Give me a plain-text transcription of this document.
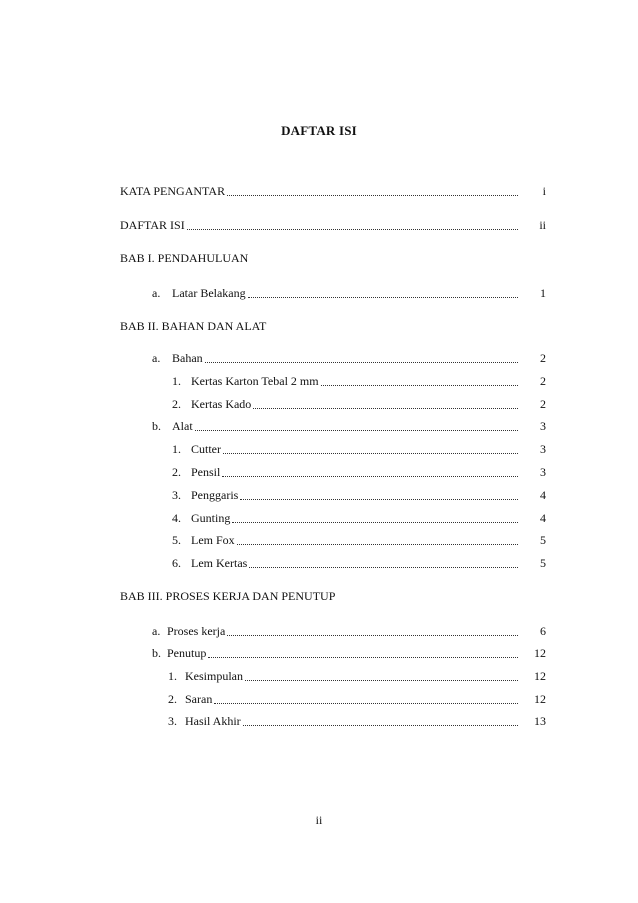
DAFTAR ISI
KATA PENGANTAR	i
DAFTAR ISI	ii
BAB I. PENDAHULUAN
a. Latar Belakang	1
BAB II. BAHAN DAN ALAT
a. Bahan	2
1. Kertas Karton Tebal 2 mm	2
2. Kertas Kado	2
b. Alat	3
1. Cutter	3
2. Pensil	3
3. Penggaris	4
4. Gunting	4
5. Lem Fox	5
6. Lem Kertas	5
BAB III. PROSES KERJA DAN PENUTUP
a. Proses kerja	6
b. Penutup	12
1. Kesimpulan	12
2. Saran	12
3. Hasil Akhir	13
ii
